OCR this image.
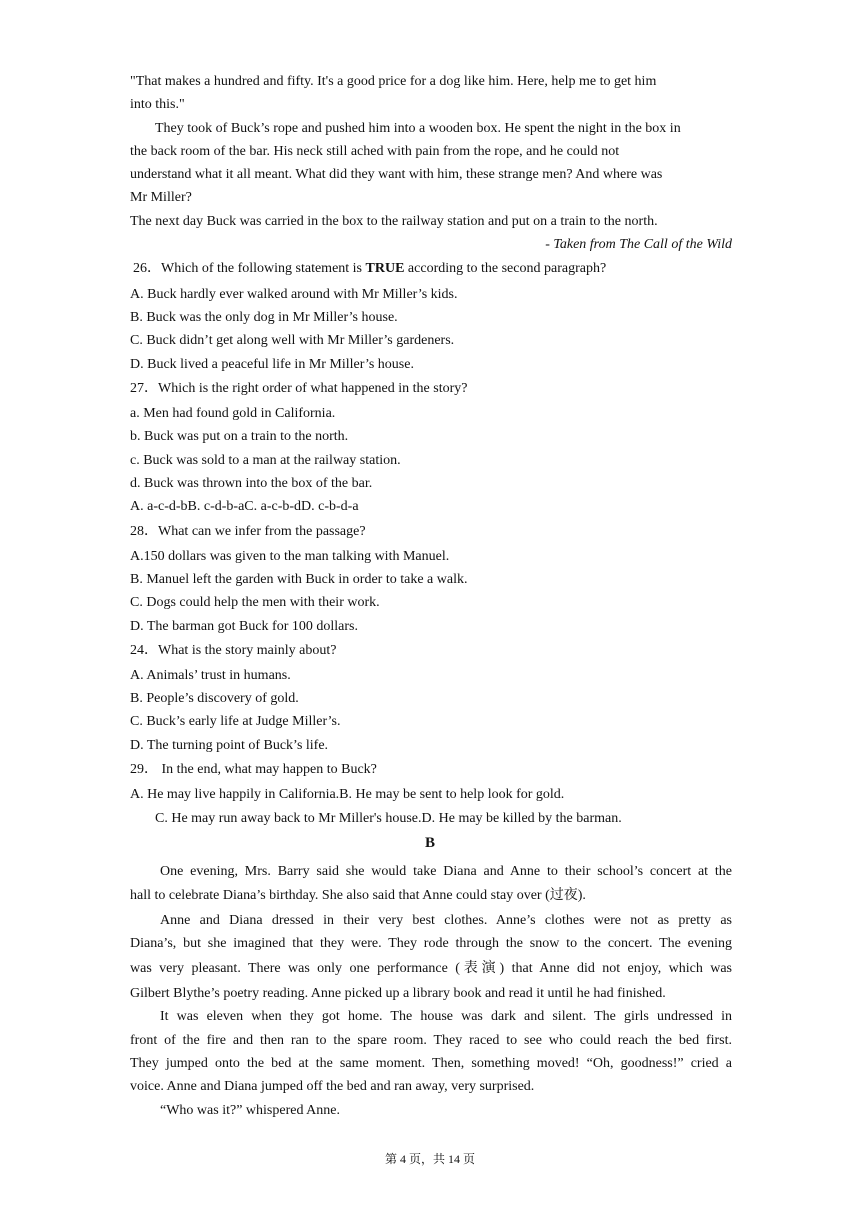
"That makes a hundred and fifty. It's a good price for a dog like him. Here, help me to get him
into this."
They took of Buck’s rope and pushed him into a wooden box. He spent the night in the box in
the back room of the bar. His neck still ached with pain from the rope, and he could not
understand what it all meant. What did they want with him, these strange men? And where was
Mr Miller?
The next day Buck was carried in the box to the railway station and put on a train to the north.
- Taken from The Call of the Wild
26．Which of the following statement is TRUE according to the second paragraph?
A. Buck hardly ever walked around with Mr Miller’s kids.
B. Buck was the only dog in Mr Miller’s house.
C. Buck didn’t get along well with Mr Miller’s gardeners.
D. Buck lived a peaceful life in Mr Miller’s house.
27．Which is the right order of what happened in the story?
a. Men had found gold in California.
b. Buck was put on a train to the north.
c. Buck was sold to a man at the railway station.
d. Buck was thrown into the box of the bar.
A. a-c-d-bB. c-d-b-aC. a-c-b-dD. c-b-d-a
28．What can we infer from the passage?
A.150 dollars was given to the man talking with Manuel.
B. Manuel left the garden with Buck in order to take a walk.
C. Dogs could help the men with their work.
D. The barman got Buck for 100 dollars.
24．What is the story mainly about?
A. Animals’ trust in humans.
B. People’s discovery of gold.
C. Buck’s early life at Judge Miller’s.
D. The turning point of Buck’s life.
29． In the end, what may happen to Buck?
A. He may live happily in California.B. He may be sent to help look for gold.
C. He may run away back to Mr Miller's house.D. He may be killed by the barman.
B
One evening, Mrs. Barry said she would take Diana and Anne to their school’s concert at the
hall to celebrate Diana’s birthday. She also said that Anne could stay over (过夜).
Anne and Diana dressed in their very best clothes. Anne’s clothes were not as pretty as
Diana’s, but she imagined that they were. They rode through the snow to the concert. The evening
was very pleasant. There was only one performance (表演) that Anne did not enjoy, which was
Gilbert Blythe’s poetry reading. Anne picked up a library book and read it until he had finished.
It was eleven when they got home. The house was dark and silent. The girls undressed in
front of the fire and then ran to the spare room. They raced to see who could reach the bed first.
They jumped onto the bed at the same moment. Then, something moved! “Oh, goodness!” cried a
voice. Anne and Diana jumped off the bed and ran away, very surprised.
“Who was it?” whispered Anne.
第 4 页，共 14 页
